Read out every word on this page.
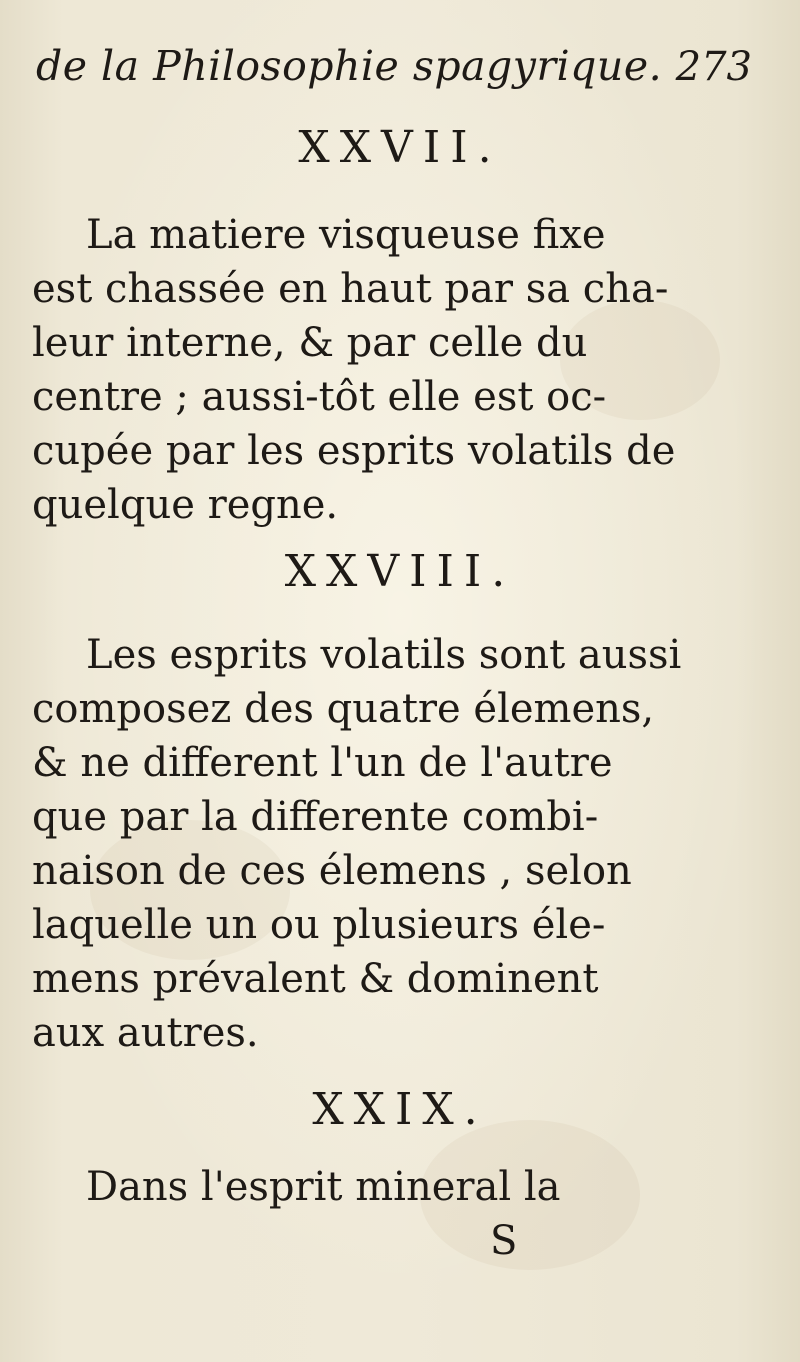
de la Philosophie spagyrique. 273
XXVII.
La matiere visqueuse fixe
est chassée en haut par sa cha-
leur interne, & par celle du
centre ; aussi-tôt elle est oc-
cupée par les esprits volatils de
quelque regne.
XXVIII.
Les esprits volatils sont aussi
composez des quatre élemens,
& ne different l'un de l'autre
que par la differente combi-
naison de ces élemens , selon
laquelle un ou plusieurs éle-
mens prévalent & dominent
aux autres.
XXIX.
Dans l'esprit mineral la
S
